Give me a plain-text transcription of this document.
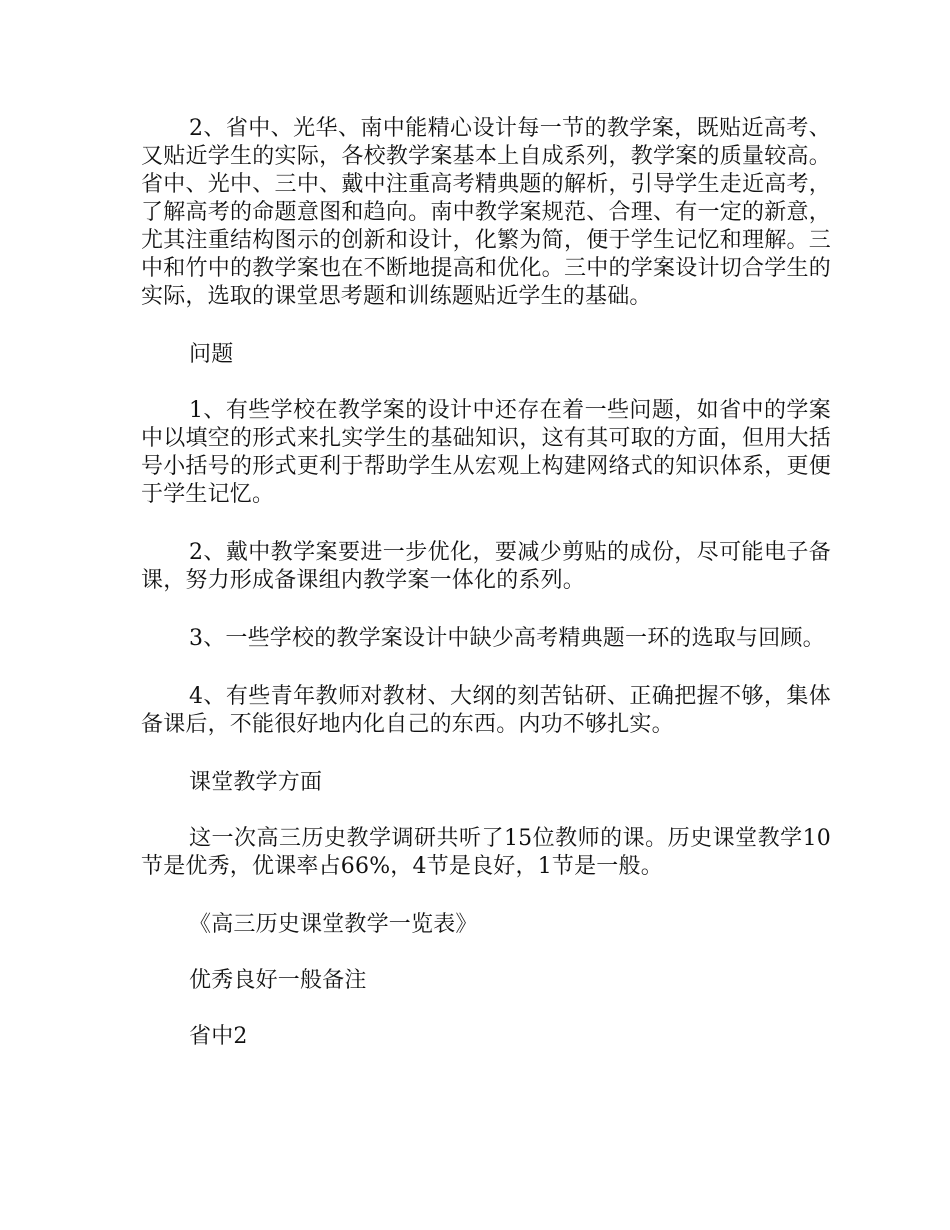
2、省中、光华、南中能精心设计每一节的教学案，既贴近高考、又贴近学生的实际，各校教学案基本上自成系列，教学案的质量较高。省中、光中、三中、戴中注重高考精典题的解析，引导学生走近高考，了解高考的命题意图和趋向。南中教学案规范、合理、有一定的新意，尤其注重结构图示的创新和设计，化繁为简，便于学生记忆和理解。三中和竹中的教学案也在不断地提高和优化。三中的学案设计切合学生的实际，选取的课堂思考题和训练题贴近学生的基础。

问题

1、有些学校在教学案的设计中还存在着一些问题，如省中的学案中以填空的形式来扎实学生的基础知识，这有其可取的方面，但用大括号小括号的形式更利于帮助学生从宏观上构建网络式的知识体系，更便于学生记忆。

2、戴中教学案要进一步优化，要减少剪贴的成份，尽可能电子备课，努力形成备课组内教学案一体化的系列。

3、一些学校的教学案设计中缺少高考精典题一环的选取与回顾。

4、有些青年教师对教材、大纲的刻苦钻研、正确把握不够，集体备课后，不能很好地内化自己的东西。内功不够扎实。

课堂教学方面

这一次高三历史教学调研共听了15位教师的课。历史课堂教学10节是优秀，优课率占66%，4节是良好，1节是一般。

《高三历史课堂教学一览表》

优秀良好一般备注

省中2
